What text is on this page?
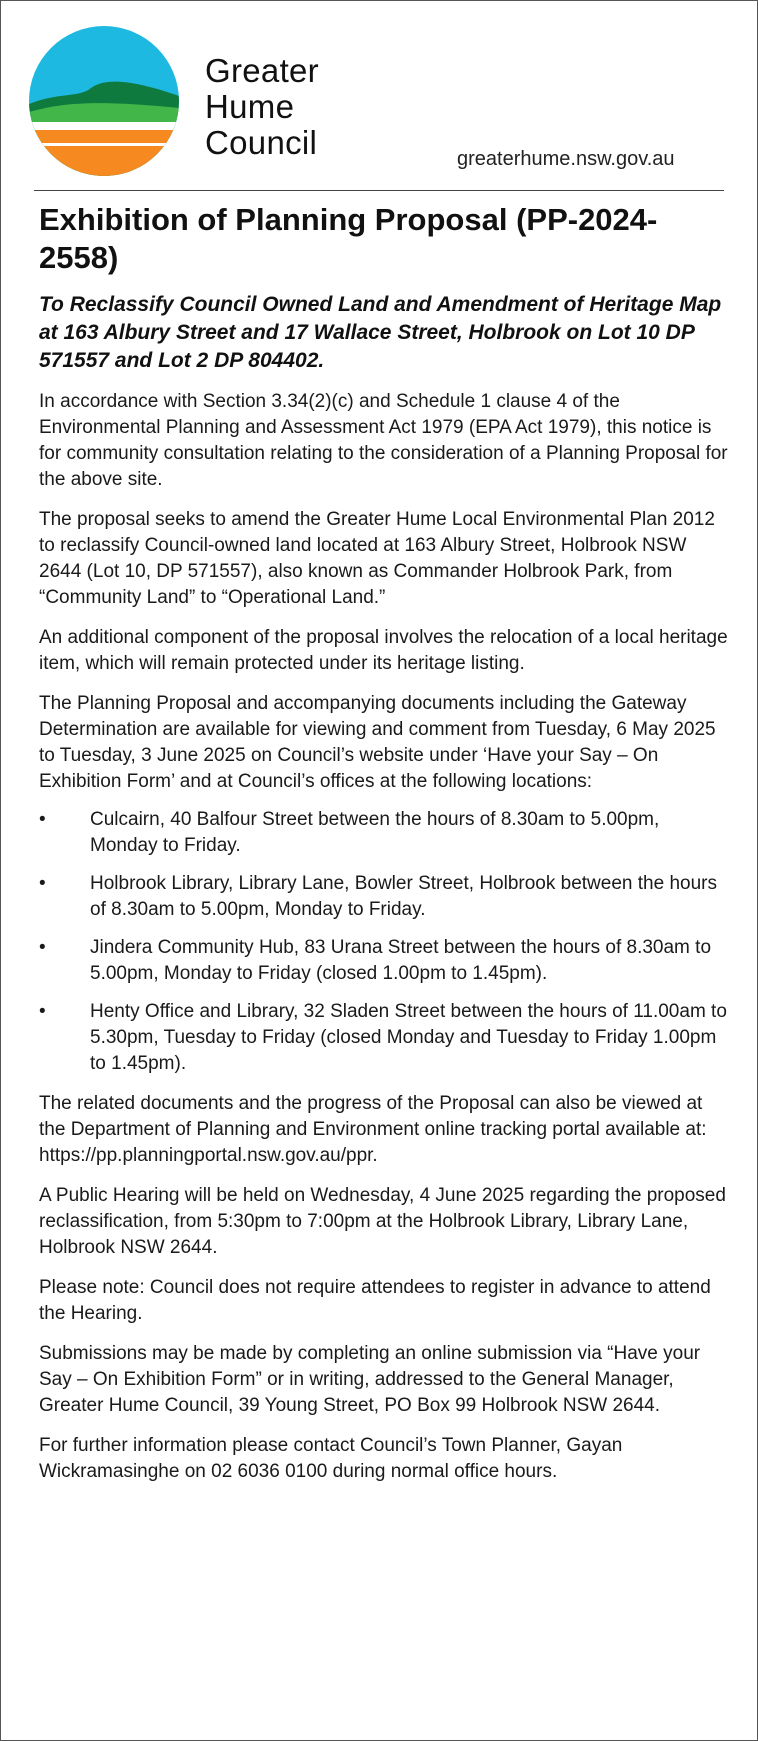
Greater
Hume
Council	greaterhume.nsw.gov.au
Exhibition of Planning Proposal (PP-2024-2558)
To Reclassify Council Owned Land and Amendment of Heritage Map at 163 Albury Street and 17 Wallace Street, Holbrook on Lot 10 DP 571557 and Lot 2 DP 804402.

In accordance with Section 3.34(2)(c) and Schedule 1 clause 4 of the Environmental Planning and Assessment Act 1979 (EPA Act 1979), this notice is for community consultation relating to the consideration of a Planning Proposal for the above site.

The proposal seeks to amend the Greater Hume Local Environmental Plan 2012 to reclassify Council-owned land located at 163 Albury Street, Holbrook NSW 2644 (Lot 10, DP 571557), also known as Commander Holbrook Park, from “Community Land” to “Operational Land.”

An additional component of the proposal involves the relocation of a local heritage item, which will remain protected under its heritage listing.

The Planning Proposal and accompanying documents including the Gateway Determination are available for viewing and comment from Tuesday, 6 May 2025 to Tuesday, 3 June 2025 on Council’s website under ‘Have your Say – On Exhibition Form’ and at Council’s offices at the following locations:

• Culcairn, 40 Balfour Street between the hours of 8.30am to 5.00pm, Monday to Friday.
• Holbrook Library, Library Lane, Bowler Street, Holbrook between the hours of 8.30am to 5.00pm, Monday to Friday.
• Jindera Community Hub, 83 Urana Street between the hours of 8.30am to 5.00pm, Monday to Friday (closed 1.00pm to 1.45pm).
• Henty Office and Library, 32 Sladen Street between the hours of 11.00am to 5.30pm, Tuesday to Friday (closed Monday and Tuesday to Friday 1.00pm to 1.45pm).

The related documents and the progress of the Proposal can also be viewed at the Department of Planning and Environment online tracking portal available at: https://pp.planningportal.nsw.gov.au/ppr.

A Public Hearing will be held on Wednesday, 4 June 2025 regarding the proposed reclassification, from 5:30pm to 7:00pm at the Holbrook Library, Library Lane, Holbrook NSW 2644.

Please note: Council does not require attendees to register in advance to attend the Hearing.

Submissions may be made by completing an online submission via “Have your Say – On Exhibition Form” or in writing, addressed to the General Manager, Greater Hume Council, 39 Young Street, PO Box 99 Holbrook NSW 2644.

For further information please contact Council’s Town Planner, Gayan Wickramasinghe on 02 6036 0100 during normal office hours.
